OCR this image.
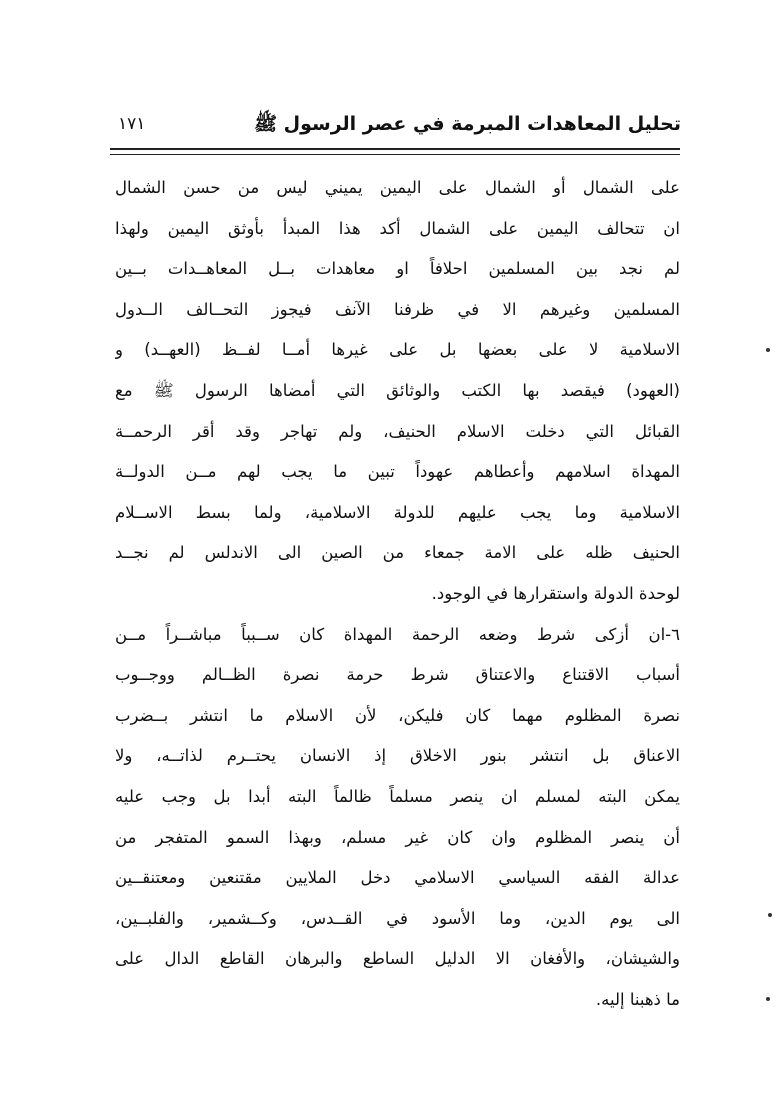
تحليل المعاهدات المبرمة في عصر الرسول ﷺ
١٧١
على الشمال أو الشمال على اليمين يميني ليس من حسن الشمال
ان تتحالف اليمين على الشمال أكد هذا المبدأ بأوثق اليمين ولهذا
لم نجد بين المسلمين احلافاً او معاهدات بــل المعاهــدات بــين
المسلمين وغيرهم الا في ظرفنا الآنف فيجوز التحــالف الــدول
الاسلامية لا على بعضها بل على غيرها أمــا لفــظ (العهــد) و
(العهود) فيقصد بها الكتب والوثائق التي أمضاها الرسول ﷺ مع
القبائل التي دخلت الاسلام الحنيف، ولم تهاجر وقد أقر الرحمــة
المهداة اسلامهم وأعطاهم عهوداً تبين ما يجب لهم مــن الدولــة
الاسلامية وما يجب عليهم للدولة الاسلامية، ولما بسط الاســلام
الحنيف ظله على الامة جمعاء من الصين الى الاندلس لم نجــد
لوحدة الدولة واستقرارها في الوجود.
٦-ان أزكى شرط وضعه الرحمة المهداة كان ســبباً مباشــراً مــن
أسباب الاقتناع والاعتناق شرط حرمة نصرة الظــالم ووجــوب
نصرة المظلوم مهما كان فليكن، لأن الاسلام ما انتشر بــضرب
الاعناق بل انتشر بنور الاخلاق إذ الانسان يحتــرم لذاتــه، ولا
يمكن البته لمسلم ان ينصر مسلماً ظالماً البته أبدا بل وجب عليه
أن ينصر المظلوم وان كان غير مسلم، وبهذا السمو المتفجر من
عدالة الفقه السياسي الاسلامي دخل الملايين مقتنعين ومعتنقــين
الى يوم الدين، وما الأسود في القــدس، وكــشمير، والفلبــين،
والشيشان، والأفغان الا الدليل الساطع والبرهان القاطع الدال على
ما ذهبنا إليه.
